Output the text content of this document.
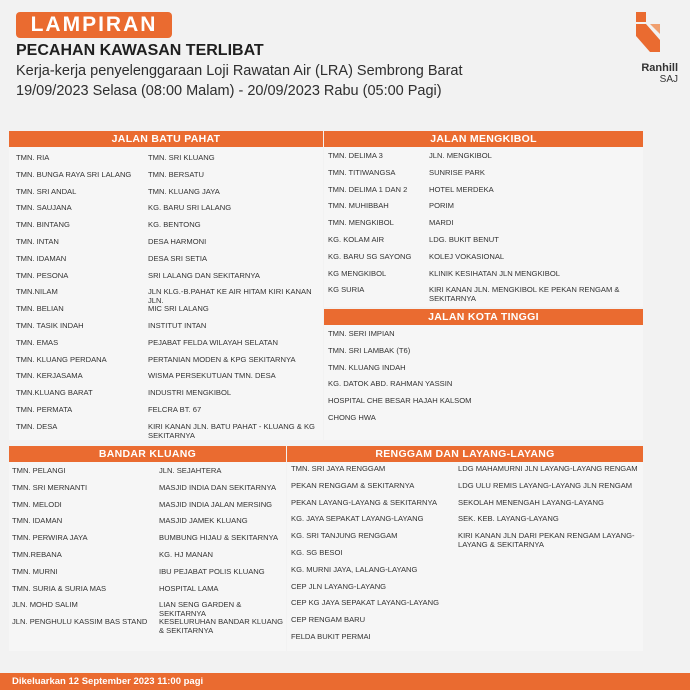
LAMPIRAN
PECAHAN KAWASAN TERLIBAT
Kerja-kerja penyelenggaraan Loji Rawatan Air (LRA) Sembrong Barat
19/09/2023 Selasa (08:00 Malam) - 20/09/2023 Rabu (05:00 Pagi)
Ranhill
SAJ
JALAN BATU PAHAT
TMN. RIA
TMN. BUNGA RAYA SRI LALANG
TMN. SRI ANDAL
TMN. SAUJANA
TMN. BINTANG
TMN. INTAN
TMN. IDAMAN
TMN. PESONA
TMN.NILAM
TMN. BELIAN
TMN. TASIK INDAH
TMN. EMAS
TMN. KLUANG PERDANA
TMN. KERJASAMA
TMN.KLUANG BARAT
TMN. PERMATA
TMN. DESA
TMN. SRI KLUANG
TMN. BERSATU
TMN. KLUANG JAYA
KG. BARU SRI LALANG
KG. BENTONG
DESA HARMONI
DESA SRI SETIA
SRI LALANG DAN SEKITARNYA
JLN KLG.-B.PAHAT KE AIR HITAM KIRI KANAN JLN.
MIC SRI LALANG
INSTITUT INTAN
PEJABAT FELDA WILAYAH SELATAN
PERTANIAN MODEN & KPG SEKITARNYA
WISMA PERSEKUTUAN TMN. DESA
INDUSTRI MENGKIBOL
FELCRA BT. 67
KIRI KANAN JLN. BATU PAHAT - KLUANG & KG SEKITARNYA
JALAN MENGKIBOL
TMN. DELIMA 3
TMN. TITIWANGSA
TMN. DELIMA 1 DAN 2
TMN. MUHIBBAH
TMN. MENGKIBOL
KG. KOLAM AIR
KG. BARU SG SAYONG
KG MENGKIBOL
KG SURIA
JLN. MENGKIBOL
SUNRISE PARK
HOTEL MERDEKA
PORIM
MARDI
LDG. BUKIT BENUT
KOLEJ VOKASIONAL
KLINIK KESIHATAN JLN MENGKIBOL
KIRI KANAN JLN. MENGKIBOL KE PEKAN RENGAM & SEKITARNYA
JALAN KOTA TINGGI
TMN. SERI IMPIAN
TMN. SRI LAMBAK (T6)
TMN. KLUANG INDAH
KG. DATOK ABD. RAHMAN YASSIN
HOSPITAL CHE BESAR HAJAH KALSOM
CHONG HWA
BANDAR KLUANG
TMN. PELANGI
TMN. SRI MERNANTI
TMN. MELODI
TMN. IDAMAN
TMN. PERWIRA JAYA
TMN.REBANA
TMN. MURNI
TMN. SURIA & SURIA MAS
JLN. MOHD SALIM
JLN. PENGHULU KASSIM BAS STAND
JLN. SEJAHTERA
MASJID INDIA DAN SEKITARNYA
MASJID INDIA JALAN MERSING
MASJID JAMEK KLUANG
BUMBUNG HIJAU & SEKITARNYA
KG. HJ MANAN
IBU PEJABAT POLIS KLUANG
HOSPITAL LAMA
LIAN SENG GARDEN & SEKITARNYA
KESELURUHAN BANDAR KLUANG & SEKITARNYA
RENGGAM DAN LAYANG-LAYANG
TMN. SRI JAYA RENGGAM
PEKAN RENGGAM & SEKITARNYA
PEKAN LAYANG-LAYANG & SEKITARNYA
KG. JAYA SEPAKAT LAYANG-LAYANG
KG. SRI TANJUNG RENGGAM
KG. SG BESOI
KG. MURNI JAYA, LALANG-LAYANG
CEP JLN LAYANG-LAYANG
CEP KG JAYA SEPAKAT LAYANG-LAYANG
CEP RENGAM BARU
FELDA BUKIT PERMAI
LDG MAHAMURNI JLN LAYANG-LAYANG RENGAM
LDG ULU REMIS LAYANG-LAYANG JLN RENGAM
SEKOLAH MENENGAH LAYANG-LAYANG
SEK. KEB. LAYANG-LAYANG
KIRI KANAN JLN DARI PEKAN RENGAM LAYANG-LAYANG & SEKITARNYA
Dikeluarkan 12 September 2023 11:00 pagi
